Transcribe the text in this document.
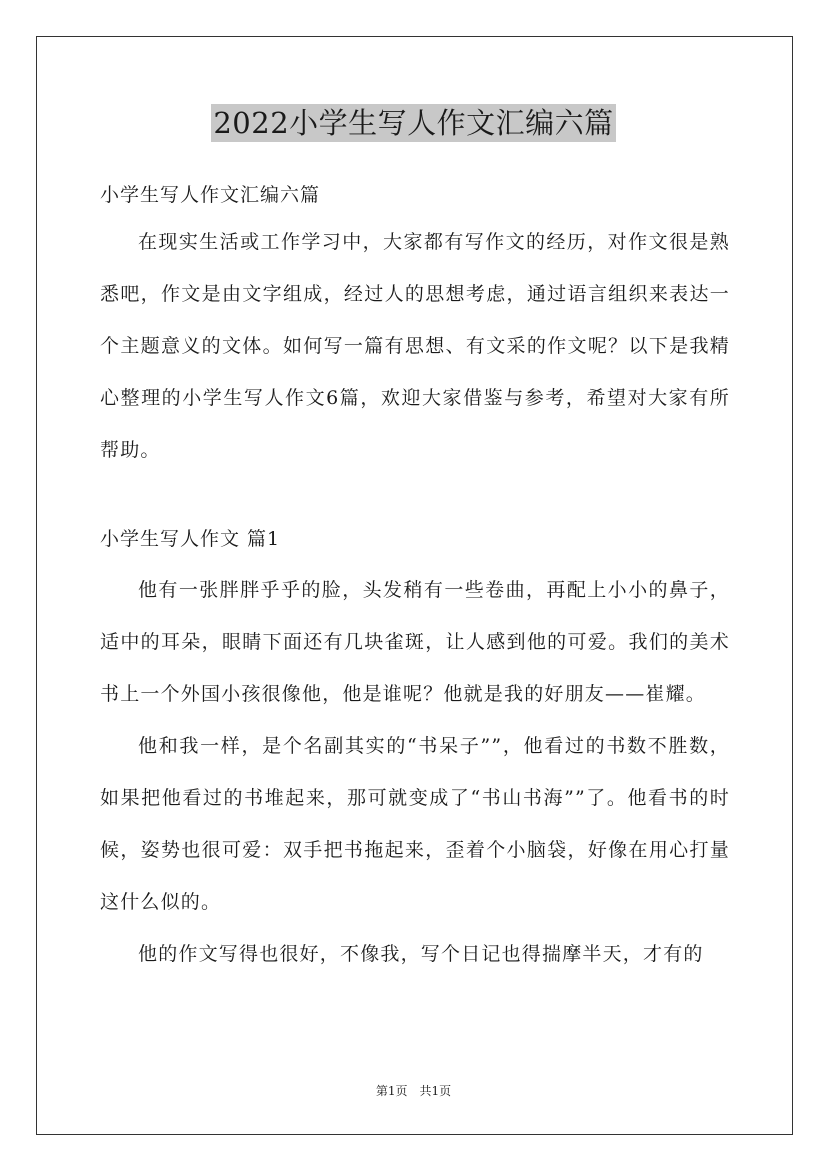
2022小学生写人作文汇编六篇

小学生写人作文汇编六篇

在现实生活或工作学习中，大家都有写作文的经历，对作文很是熟悉吧，作文是由文字组成，经过人的思想考虑，通过语言组织来表达一个主题意义的文体。如何写一篇有思想、有文采的作文呢？以下是我精心整理的小学生写人作文6篇，欢迎大家借鉴与参考，希望对大家有所帮助。

小学生写人作文 篇1

他有一张胖胖乎乎的脸，头发稍有一些卷曲，再配上小小的鼻子，适中的耳朵，眼睛下面还有几块雀斑，让人感到他的可爱。我们的美术书上一个外国小孩很像他，他是谁呢？他就是我的好朋友——崔耀。

他和我一样，是个名副其实的“书呆子””，他看过的书数不胜数，如果把他看过的书堆起来，那可就变成了“书山书海””了。他看书的时候，姿势也很可爱：双手把书拖起来，歪着个小脑袋，好像在用心打量这什么似的。

他的作文写得也很好，不像我，写个日记也得揣摩半天，才有的

第1页 共1页
